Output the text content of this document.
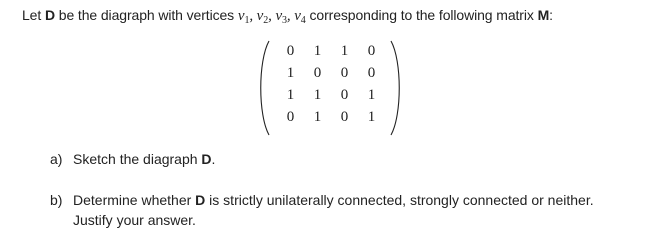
Let D be the diagraph with vertices $v_1$, $v_2$, $v_3$, $v_4$ corresponding to the following matrix M:
0	1	1	0
1	0	0	0
1	1	0	1
0	1	0	1
a) Sketch the diagraph D.
b) Determine whether D is strictly unilaterally connected, strongly connected or neither.
Justify your answer.
